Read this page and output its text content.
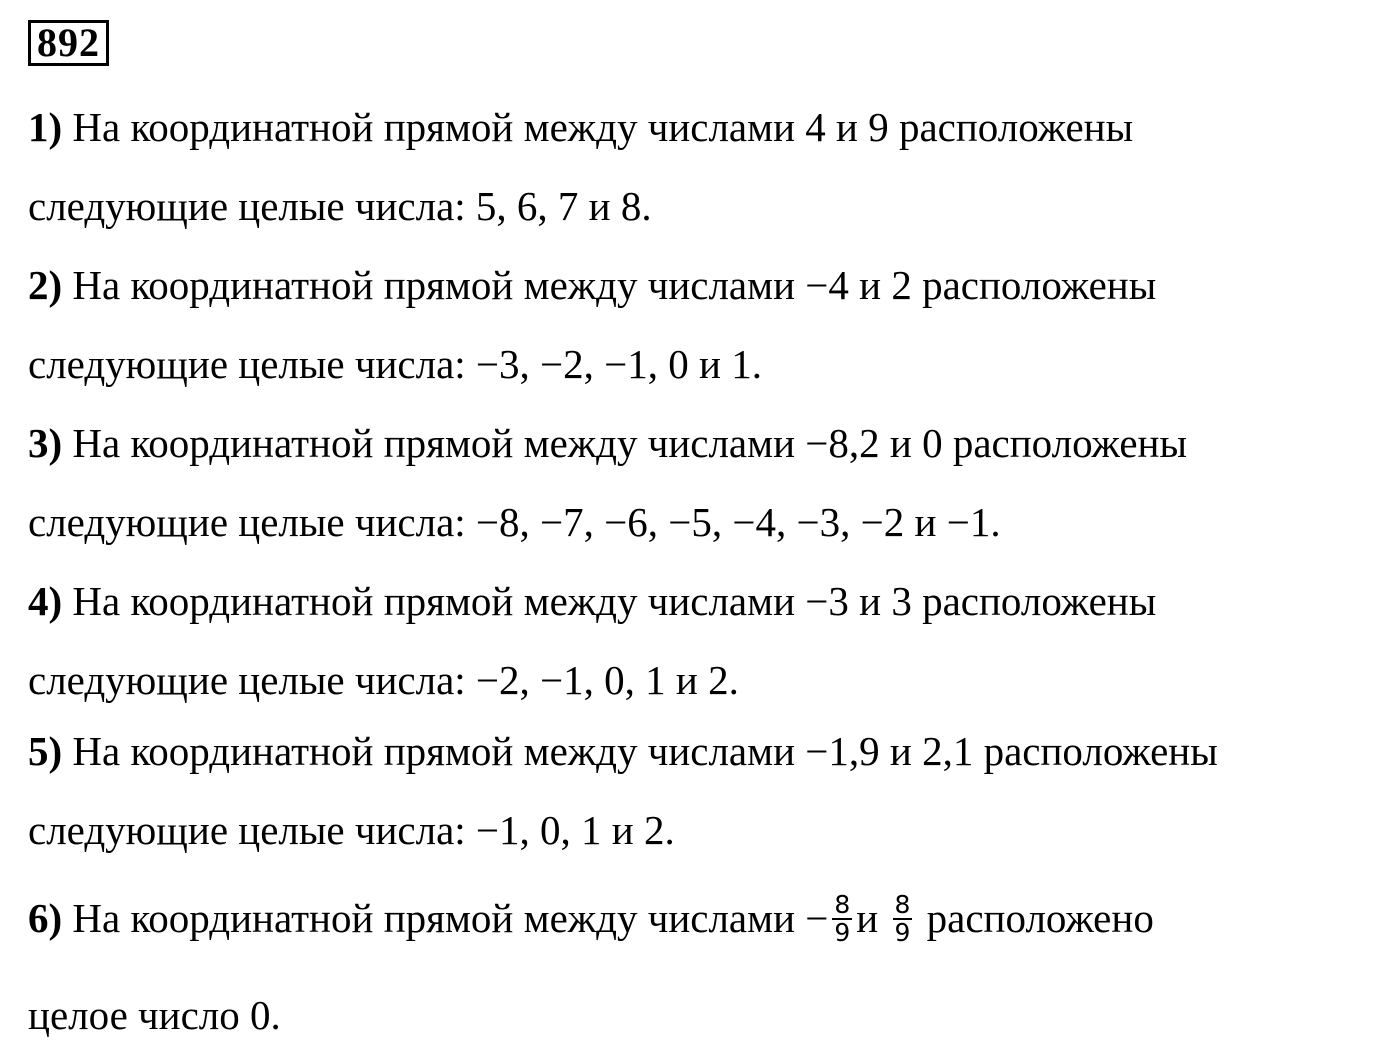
892
1) На координатной прямой между числами 4 и 9 расположены
следующие целые числа: 5, 6, 7 и 8.
2) На координатной прямой между числами −4 и 2 расположены
следующие целые числа: −3, −2, −1, 0 и 1.
3) На координатной прямой между числами −8,2 и 0 расположены
следующие целые числа: −8, −7, −6, −5, −4, −3, −2 и −1.
4) На координатной прямой между числами −3 и 3 расположены
следующие целые числа: −2, −1, 0, 1 и 2.
5) На координатной прямой между числами −1,9 и 2,1 расположены
следующие целые числа: −1, 0, 1 и 2.
6) На координатной прямой между числами − $\frac{8}{9}$ и $\frac{8}{9}$ расположено
целое число 0.
